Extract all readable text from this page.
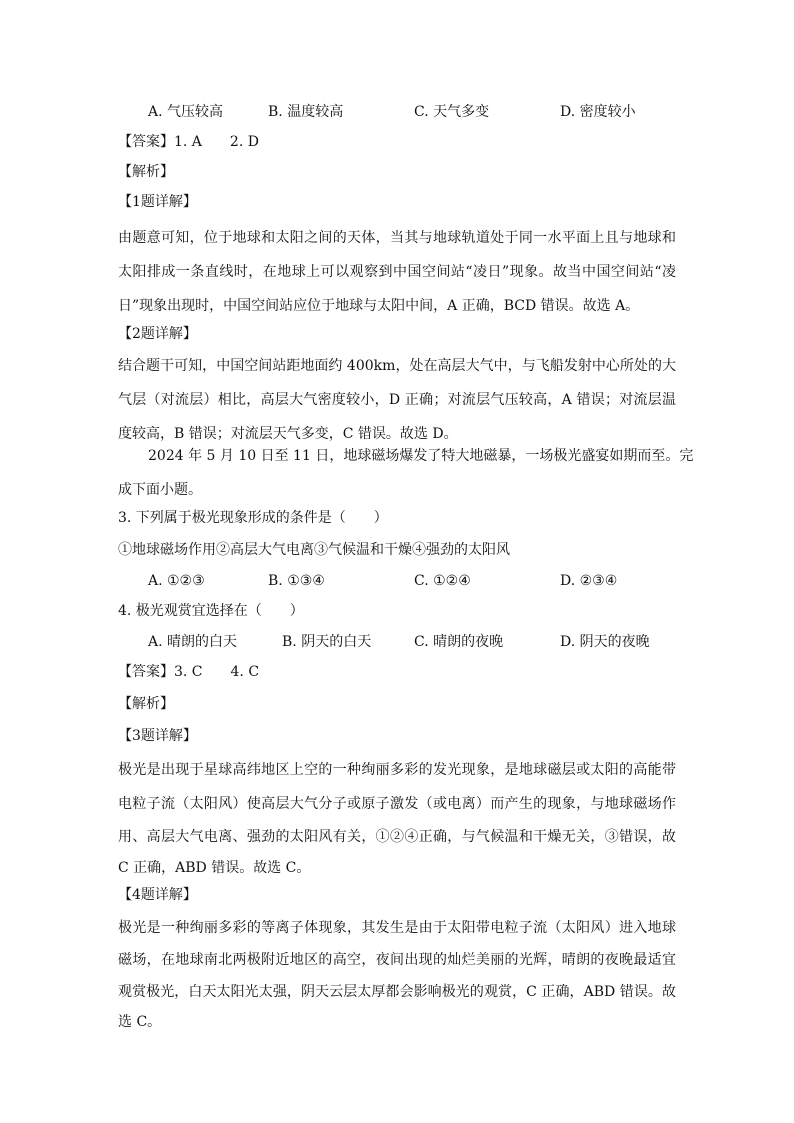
A. 气压较高	B. 温度较高	C. 天气多变	D. 密度较小
【答案】1. A　　2. D
【解析】
【1题详解】
由题意可知，位于地球和太阳之间的天体，当其与地球轨道处于同一水平面上且与地球和
太阳排成一条直线时，在地球上可以观察到中国空间站“凌日”现象。故当中国空间站“凌
日”现象出现时，中国空间站应位于地球与太阳中间，A 正确，BCD 错误。故选 A。
【2题详解】
结合题干可知，中国空间站距地面约 400km，处在高层大气中，与飞船发射中心所处的大
气层（对流层）相比，高层大气密度较小，D 正确；对流层气压较高，A 错误；对流层温
度较高，B 错误；对流层天气多变，C 错误。故选 D。
2024 年 5 月 10 日至 11 日，地球磁场爆发了特大地磁暴，一场极光盛宴如期而至。完
成下面小题。
3. 下列属于极光现象形成的条件是（　　）
①地球磁场作用②高层大气电离③气候温和干燥④强劲的太阳风
A. ①②③	B. ①③④	C. ①②④	D. ②③④
4. 极光观赏宜选择在（　　）
A. 晴朗的白天	B. 阴天的白天	C. 晴朗的夜晚	D. 阴天的夜晚
【答案】3. C　　4. C
【解析】
【3题详解】
极光是出现于星球高纬地区上空的一种绚丽多彩的发光现象，是地球磁层或太阳的高能带
电粒子流（太阳风）使高层大气分子或原子激发（或电离）而产生的现象，与地球磁场作
用、高层大气电离、强劲的太阳风有关，①②④正确，与气候温和干燥无关，③错误，故
C 正确，ABD 错误。故选 C。
【4题详解】
极光是一种绚丽多彩的等离子体现象，其发生是由于太阳带电粒子流（太阳风）进入地球
磁场，在地球南北两极附近地区的高空，夜间出现的灿烂美丽的光辉，晴朗的夜晚最适宜
观赏极光，白天太阳光太强，阴天云层太厚都会影响极光的观赏，C 正确，ABD 错误。故
选 C。
